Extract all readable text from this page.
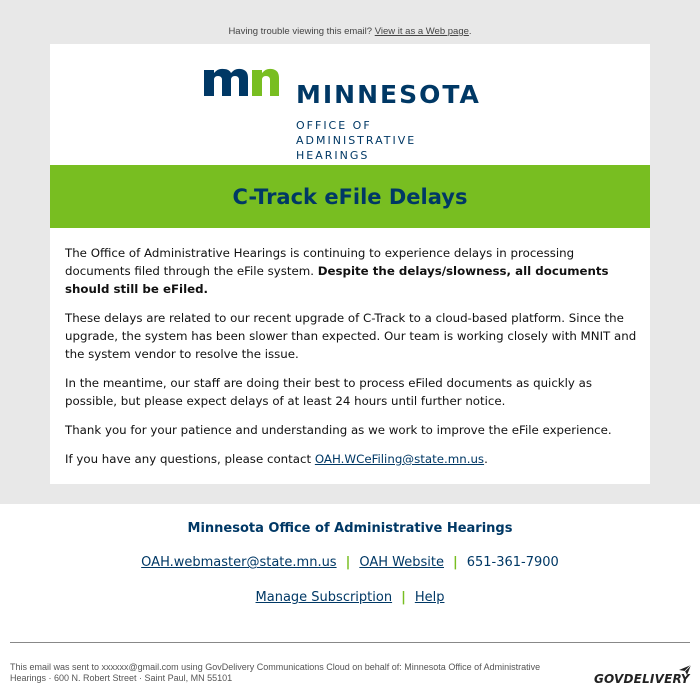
Having trouble viewing this email? View it as a Web page.
MINNESOTA
OFFICE OF
ADMINISTRATIVE
HEARINGS
C-Track eFile Delays

The Office of Administrative Hearings is continuing to experience delays in processing documents filed through the eFile system. Despite the delays/slowness, all documents should still be eFiled.

These delays are related to our recent upgrade of C-Track to a cloud-based platform. Since the upgrade, the system has been slower than expected. Our team is working closely with MNIT and the system vendor to resolve the issue.

In the meantime, our staff are doing their best to process eFiled documents as quickly as possible, but please expect delays of at least 24 hours until further notice.

Thank you for your patience and understanding as we work to improve the eFile experience.

If you have any questions, please contact OAH.WCeFiling@state.mn.us.

Minnesota Office of Administrative Hearings
OAH.webmaster@state.mn.us | OAH Website | 651-361-7900
Manage Subscription | Help
This email was sent to xxxxxx@gmail.com using GovDelivery Communications Cloud on behalf of: Minnesota Office of Administrative Hearings · 600 N. Robert Street · Saint Paul, MN 55101	GOVDELIVERY
